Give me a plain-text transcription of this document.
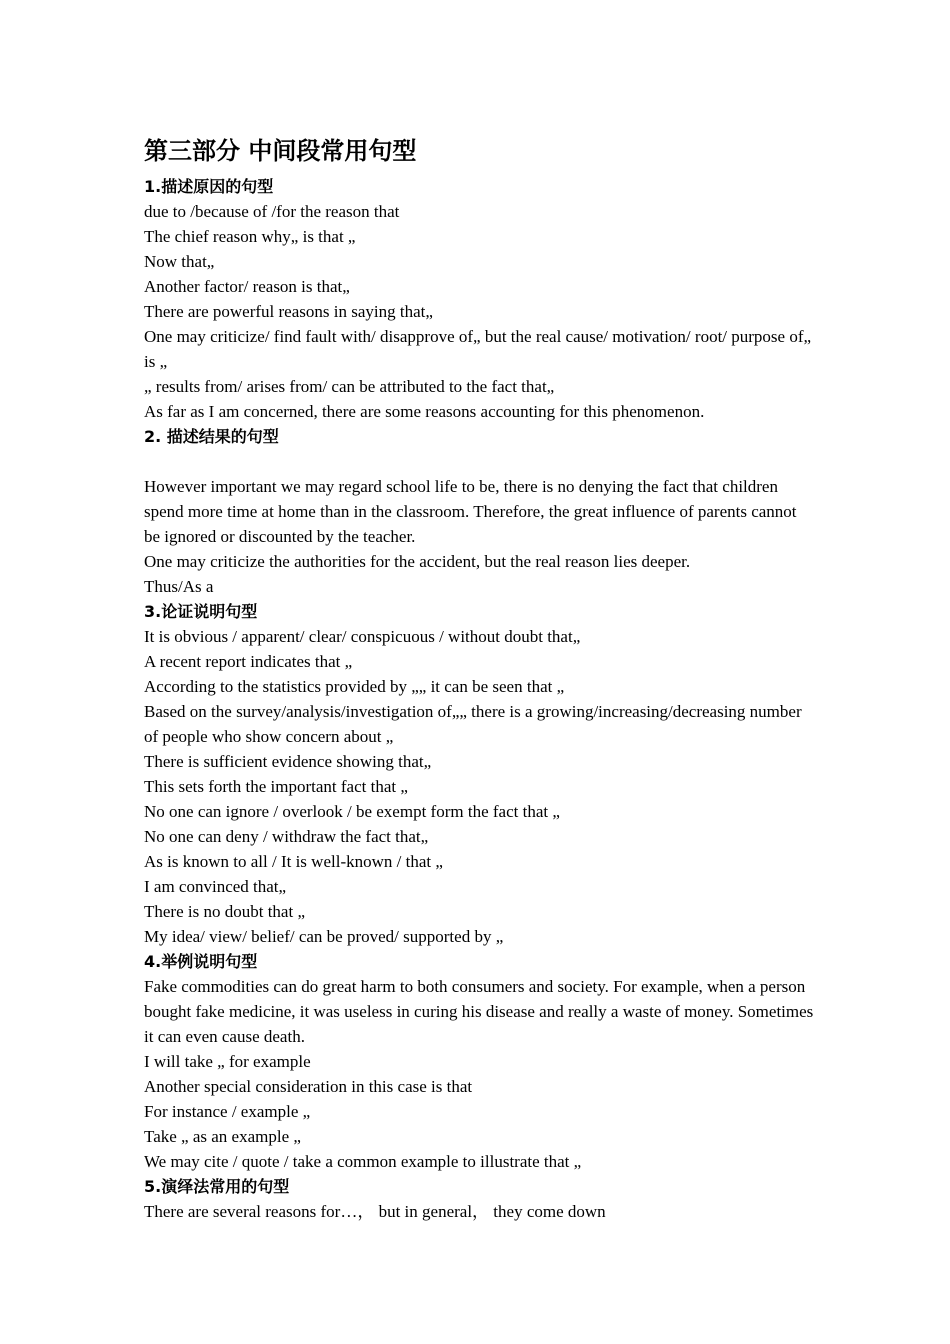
第三部分 中间段常用句型
1.描述原因的句型
due to /because of /for the reason that
The chief reason why„ is that „
Now that„
Another factor/ reason is that„
There are powerful reasons in saying that„
One may criticize/ find fault with/ disapprove of„ but the real cause/ motivation/ root/ purpose of„ is „
„ results from/ arises from/ can be attributed to the fact that„
As far as I am concerned, there are some reasons accounting for this phenomenon.
2. 描述结果的句型
However important we may regard school life to be, there is no denying the fact that children spend more time at home than in the classroom. Therefore, the great influence of parents cannot be ignored or discounted by the teacher.
One may criticize the authorities for the accident, but the real reason lies deeper.
Thus/As a
3.论证说明句型
It is obvious / apparent/ clear/ conspicuous / without doubt that„
A recent report indicates that „
According to the statistics provided by „„ it can be seen that „
Based on the survey/analysis/investigation of„„ there is a growing/increasing/decreasing number of people who show concern about „
There is sufficient evidence showing that„
This sets forth the important fact that „
No one can ignore / overlook / be exempt form the fact that „
No one can deny / withdraw the fact that„
As is known to all / It is well-known / that „
I am convinced that„
There is no doubt that „
My idea/ view/ belief/ can be proved/ supported by „
4.举例说明句型
Fake commodities can do great harm to both consumers and society. For example, when a person bought fake medicine, it was useless in curing his disease and really a waste of money. Sometimes it can even cause death.
I will take „ for example
Another special consideration in this case is that
For instance / example „
Take „ as an example „
We may cite / quote / take a common example to illustrate that „
5.演绎法常用的句型
There are several reasons for…， but in general， they come down
